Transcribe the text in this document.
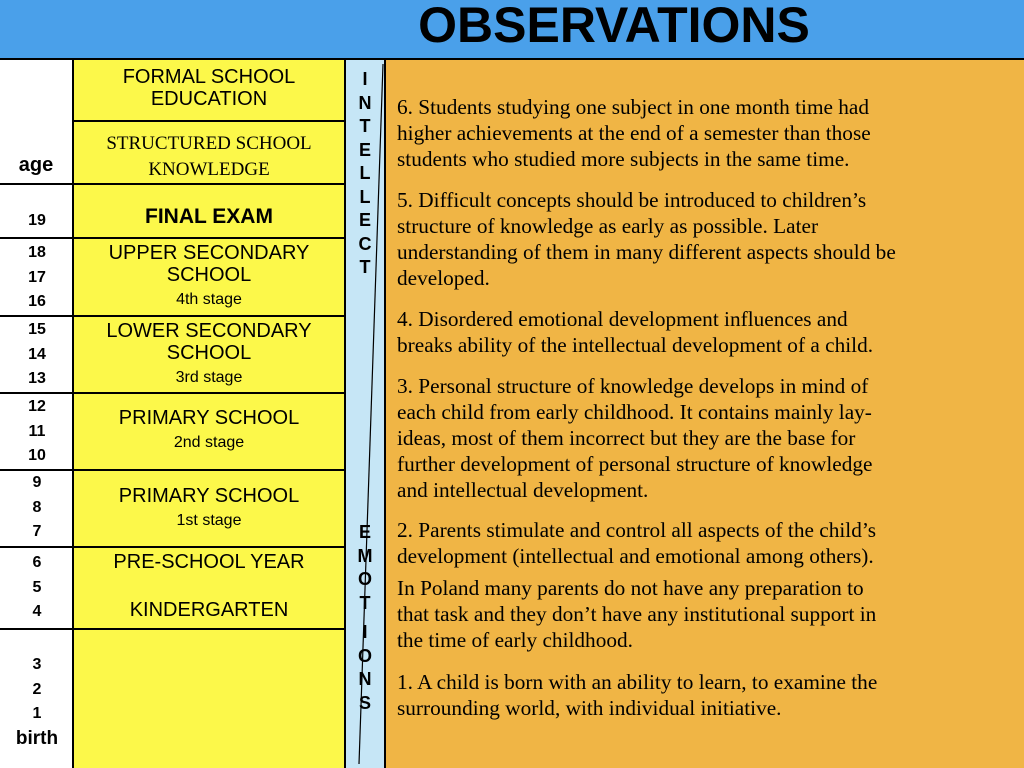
OBSERVATIONS
age
19
18
17
16
15
14
13
12
11
10
9
8
7
6
5
4
3
2
1
birth
FORMAL SCHOOL
EDUCATION
STRUCTURED SCHOOL
KNOWLEDGE
FINAL EXAM
UPPER SECONDARY
SCHOOL
4th stage
LOWER SECONDARY
SCHOOL
3rd stage
PRIMARY SCHOOL
2nd stage
PRIMARY SCHOOL
1st stage
PRE-SCHOOL YEAR
KINDERGARTEN
I
N
T
E
L
L
E
C
T
E
M
O
T
I
O
N
S

6. Students studying one subject in one month time had
higher achievements at the end of a semester than those
students who studied more subjects in the same time.

5. Difficult concepts should be introduced to children’s
structure of knowledge as early as possible. Later
understanding of them in many different aspects should be
developed.

4. Disordered emotional development influences and
breaks ability of the intellectual development of a child.

3. Personal structure of knowledge develops in mind of
each child from early childhood. It contains mainly lay-
ideas, most of them incorrect but they are the base for
further development of personal structure of knowledge
and intellectual development.

2. Parents stimulate and control all aspects of the child’s
development (intellectual and emotional among others).

In Poland many parents do not have any preparation to
that task and they don’t have any institutional support in
the time of early childhood.

1. A child is born with an ability to learn, to examine the
surrounding world, with individual initiative.
